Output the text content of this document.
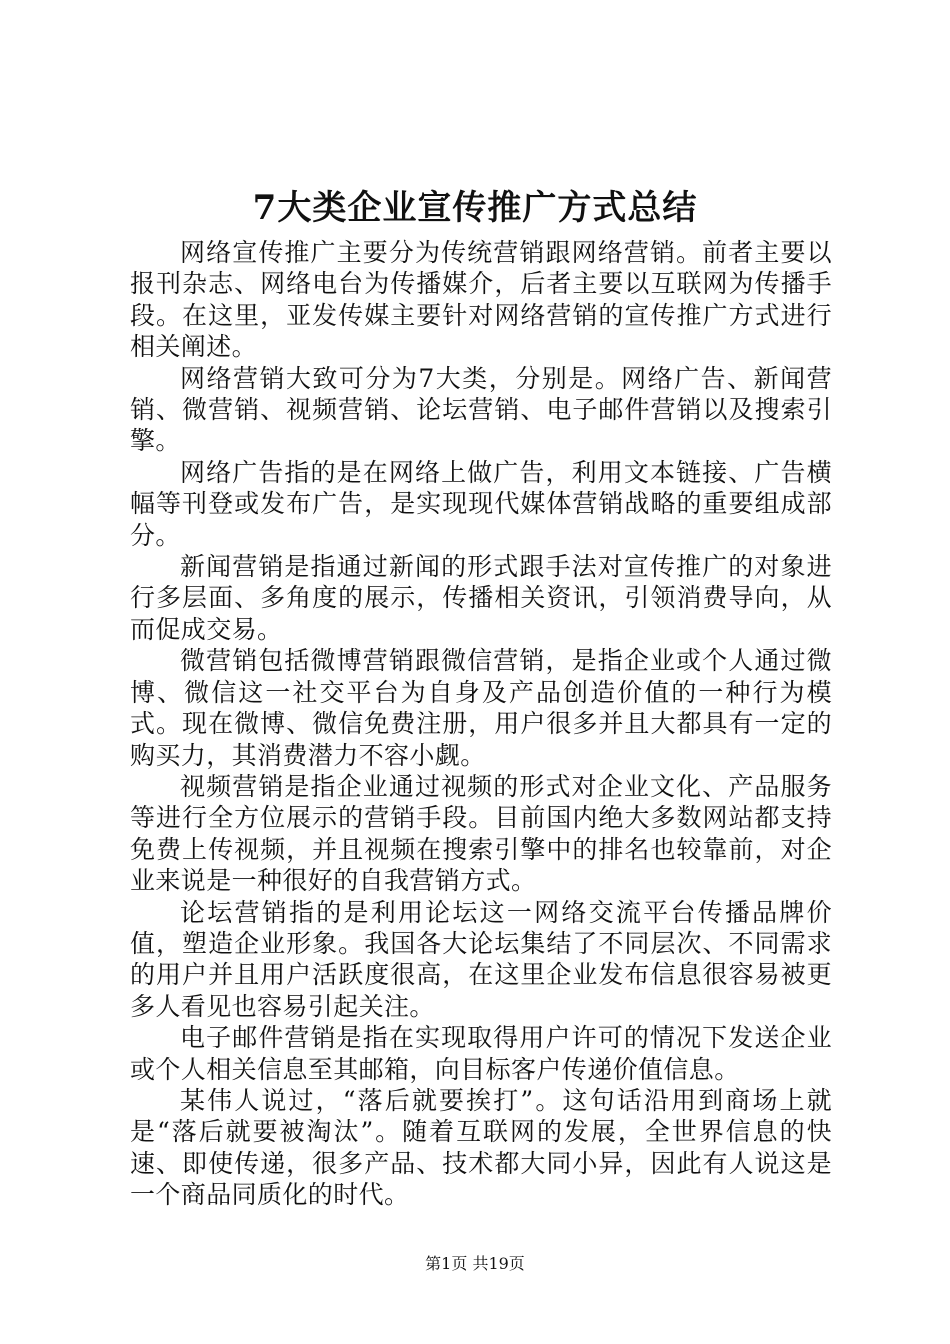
7大类企业宣传推广方式总结

网络宣传推广主要分为传统营销跟网络营销。前者主要以报刊杂志、网络电台为传播媒介，后者主要以互联网为传播手段。在这里，亚发传媒主要针对网络营销的宣传推广方式进行相关阐述。

网络营销大致可分为7大类，分别是。网络广告、新闻营销、微营销、视频营销、论坛营销、电子邮件营销以及搜索引擎。

网络广告指的是在网络上做广告，利用文本链接、广告横幅等刊登或发布广告，是实现现代媒体营销战略的重要组成部分。

新闻营销是指通过新闻的形式跟手法对宣传推广的对象进行多层面、多角度的展示，传播相关资讯，引领消费导向，从而促成交易。

微营销包括微博营销跟微信营销，是指企业或个人通过微博、微信这一社交平台为自身及产品创造价值的一种行为模式。现在微博、微信免费注册，用户很多并且大都具有一定的购买力，其消费潜力不容小觑。

视频营销是指企业通过视频的形式对企业文化、产品服务等进行全方位展示的营销手段。目前国内绝大多数网站都支持免费上传视频，并且视频在搜索引擎中的排名也较靠前，对企业来说是一种很好的自我营销方式。

论坛营销指的是利用论坛这一网络交流平台传播品牌价值，塑造企业形象。我国各大论坛集结了不同层次、不同需求的用户并且用户活跃度很高，在这里企业发布信息很容易被更多人看见也容易引起关注。

电子邮件营销是指在实现取得用户许可的情况下发送企业或个人相关信息至其邮箱，向目标客户传递价值信息。

某伟人说过，“落后就要挨打”。这句话沿用到商场上就是“落后就要被淘汰”。随着互联网的发展，全世界信息的快速、即使传递，很多产品、技术都大同小异，因此有人说这是一个商品同质化的时代。

第1页 共19页
